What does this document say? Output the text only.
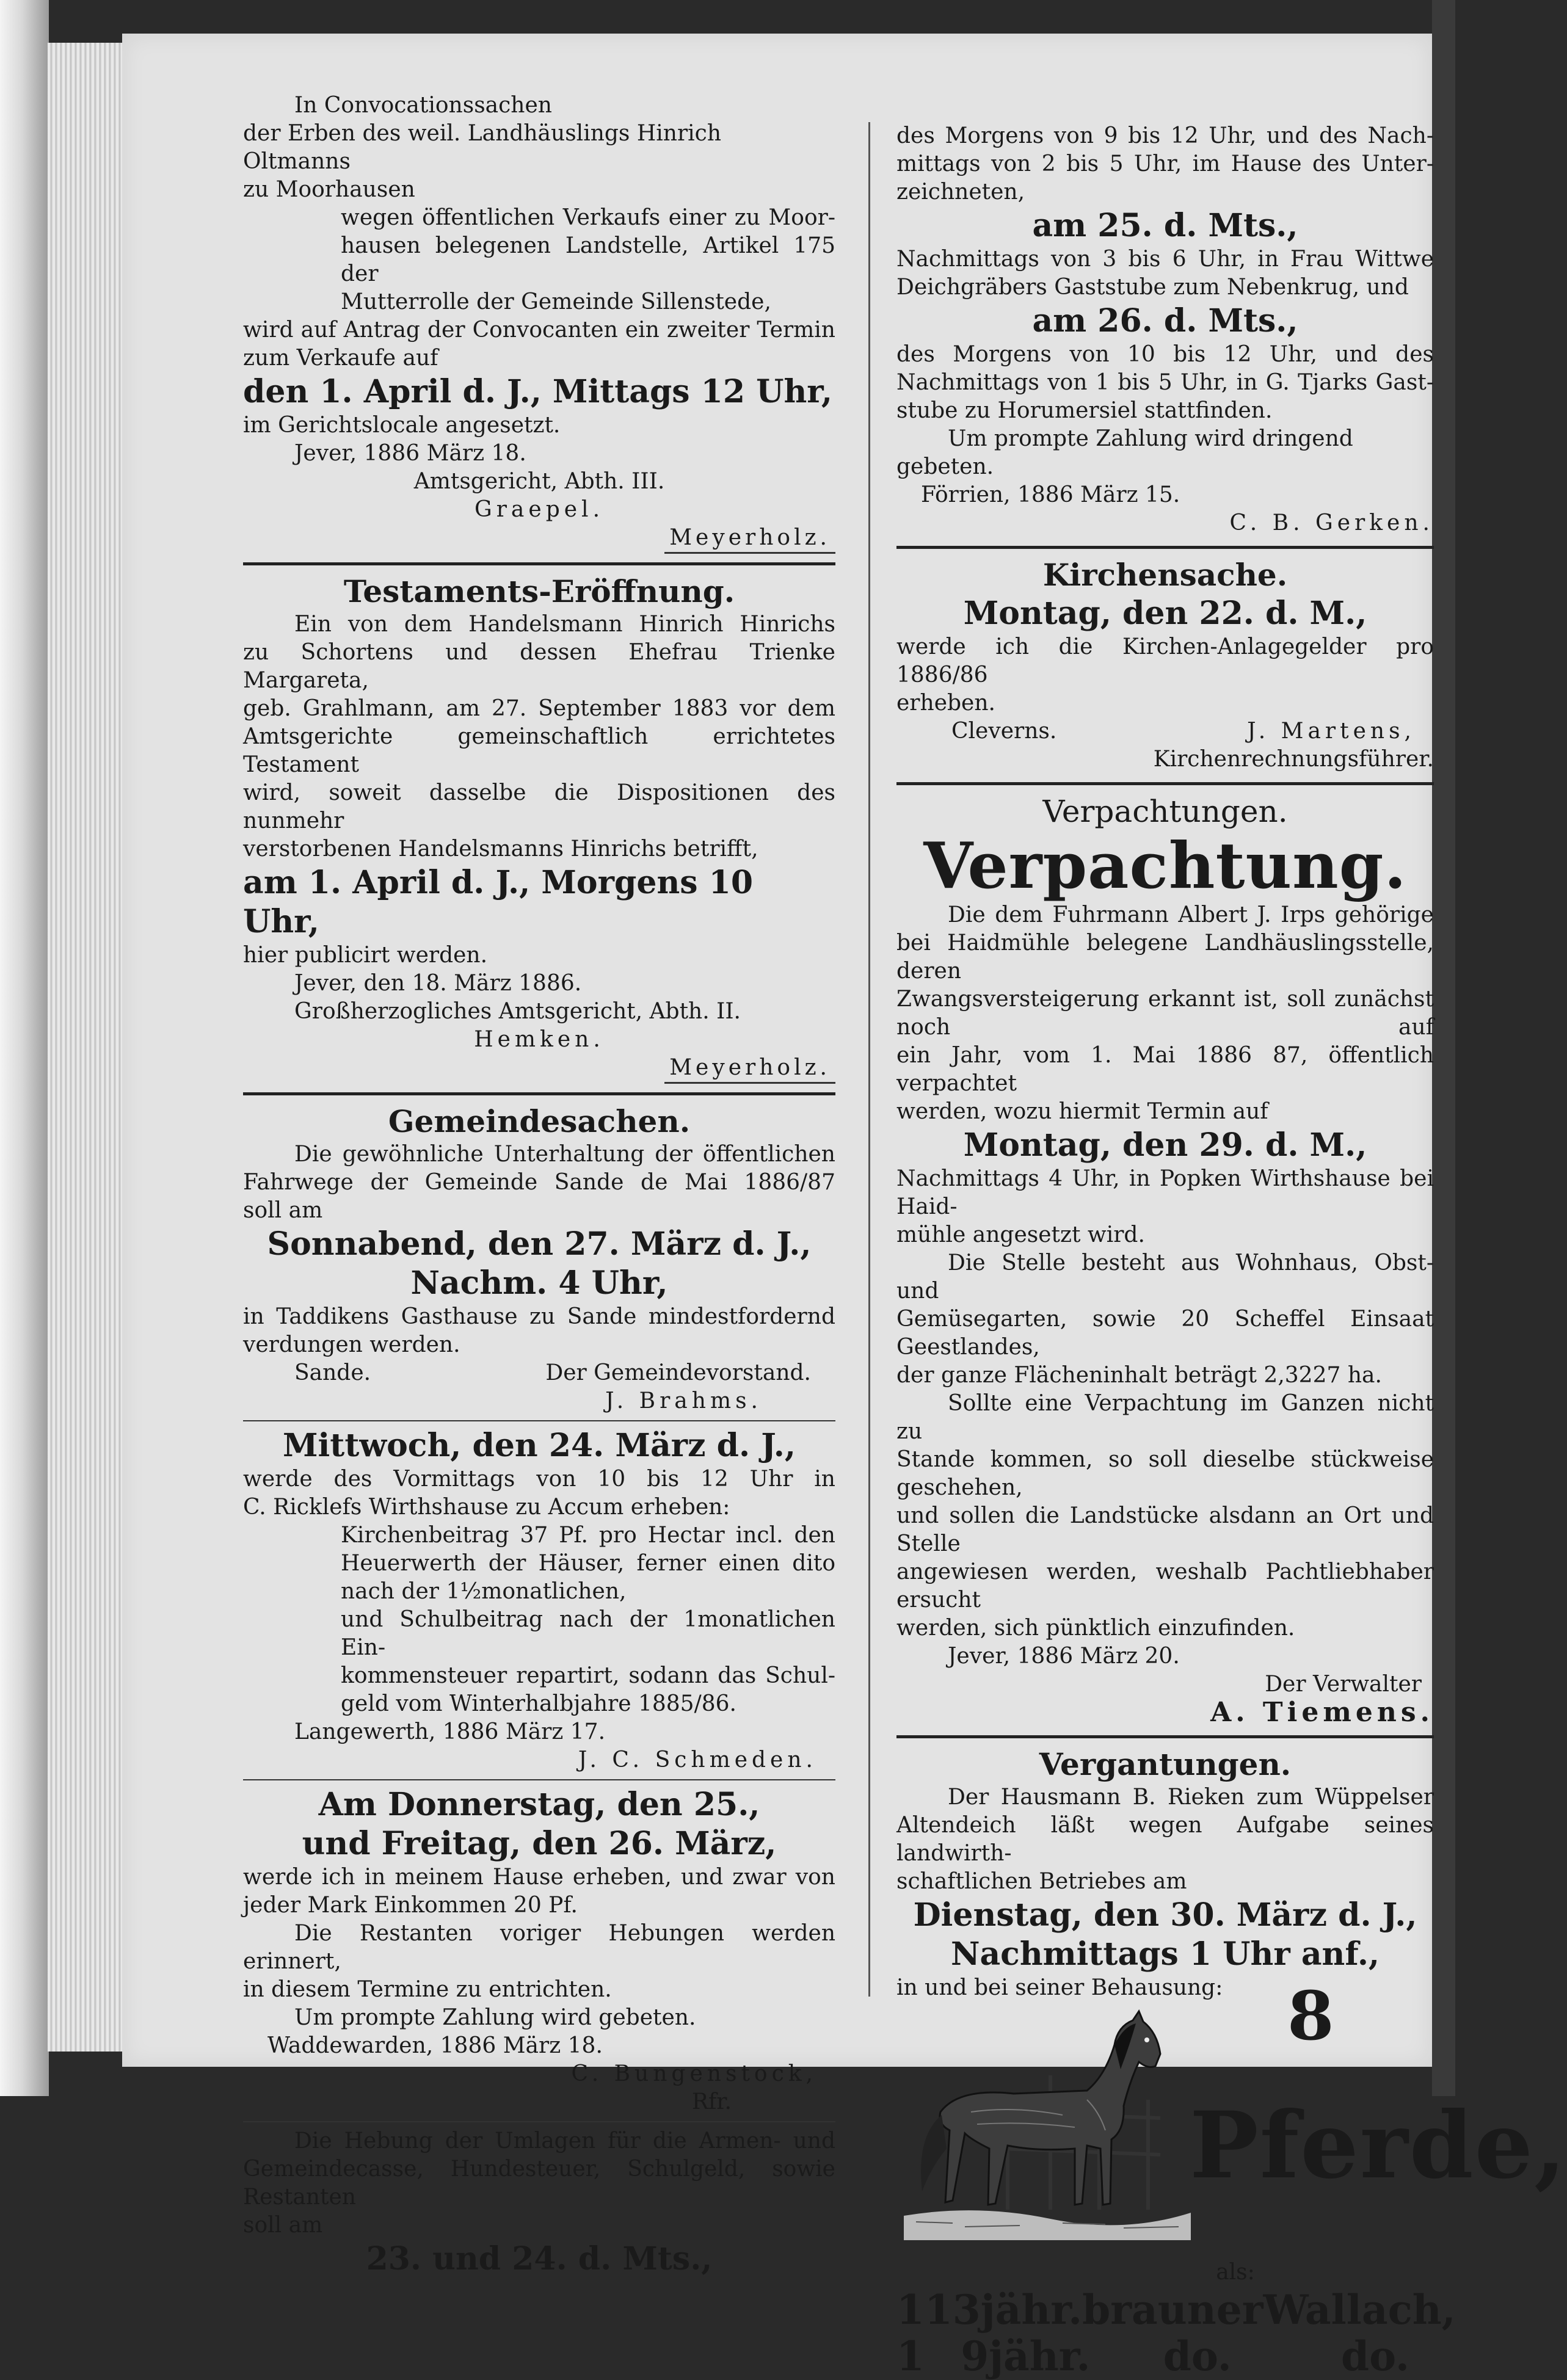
In Convocationssachen

der Erben des weil. Landhäuslings Hinrich Oltmanns

zu Moorhausen

wegen öffentlichen Verkaufs einer zu Moor-

hausen belegenen Landstelle, Artikel 175 der

Mutterrolle der Gemeinde Sillenstede,

wird auf Antrag der Convocanten ein zweiter Termin

zum Verkaufe auf

den 1. April d. J., Mittags 12 Uhr,

im Gerichtslocale angesetzt.

Jever, 1886 März 18.

Amtsgericht, Abth. III.

Graepel.

Meyerholz.

Testaments-Eröffnung.

Ein von dem Handelsmann Hinrich Hinrichs

zu Schortens und dessen Ehefrau Trienke Margareta,

geb. Grahlmann, am 27. September 1883 vor dem

Amtsgerichte gemeinschaftlich errichtetes Testament

wird, soweit dasselbe die Dispositionen des nunmehr

verstorbenen Handelsmanns Hinrichs betrifft,

am 1. April d. J., Morgens 10 Uhr,

hier publicirt werden.

Jever, den 18. März 1886.

Großherzogliches Amtsgericht, Abth. II.

Hemken.

Meyerholz.

Gemeindesachen.

Die gewöhnliche Unterhaltung der öffentlichen

Fahrwege der Gemeinde Sande de Mai 1886/87

soll am

Sonnabend, den 27. März d. J.,

Nachm. 4 Uhr,

in Taddikens Gasthause zu Sande mindestfordernd

verdungen werden.

Sande.	Der Gemeindevorstand.

J. Brahms.

Mittwoch, den 24. März d. J.,

werde des Vormittags von 10 bis 12 Uhr in

C. Ricklefs Wirthshause zu Accum erheben:

Kirchenbeitrag 37 Pf. pro Hectar incl. den

Heuerwerth der Häuser, ferner einen dito

nach der 1½monatlichen,

und Schulbeitrag nach der 1monatlichen Ein-

kommensteuer repartirt, sodann das Schul-

geld vom Winterhalbjahre 1885/86.

Langewerth, 1886 März 17.

J. C. Schmeden.

Am Donnerstag, den 25.,

und Freitag, den 26. März,

werde ich in meinem Hause erheben, und zwar von

jeder Mark Einkommen 20 Pf.

Die Restanten voriger Hebungen werden erinnert,

in diesem Termine zu entrichten.

Um prompte Zahlung wird gebeten.

Waddewarden, 1886 März 18.

C. Bungenstock,

Rfr.

Die Hebung der Umlagen für die Armen- und

Gemeindecasse, Hundesteuer, Schulgeld, sowie Restanten

soll am

23. und 24. d. Mts.,

des Morgens von 9 bis 12 Uhr, und des Nach-

mittags von 2 bis 5 Uhr, im Hause des Unter-

zeichneten,

am 25. d. Mts.,

Nachmittags von 3 bis 6 Uhr, in Frau Wittwe

Deichgräbers Gaststube zum Nebenkrug, und

am 26. d. Mts.,

des Morgens von 10 bis 12 Uhr, und des

Nachmittags von 1 bis 5 Uhr, in G. Tjarks Gast-

stube zu Horumersiel stattfinden.

Um prompte Zahlung wird dringend gebeten.

Förrien, 1886 März 15.

C. B. Gerken.

Kirchensache.

Montag, den 22. d. M.,

werde ich die Kirchen-Anlagegelder pro 1886/86

erheben.

Cleverns.	J. Martens,

Kirchenrechnungsführer.

Verpachtungen.

Verpachtung.

Die dem Fuhrmann Albert J. Irps gehörige

bei Haidmühle belegene Landhäuslingsstelle, deren

Zwangsversteigerung erkannt ist, soll zunächst noch auf

ein Jahr, vom 1. Mai 1886 87, öffentlich verpachtet

werden, wozu hiermit Termin auf

Montag, den 29. d. M.,

Nachmittags 4 Uhr, in Popken Wirthshause bei Haid-

mühle angesetzt wird.

Die Stelle besteht aus Wohnhaus, Obst- und

Gemüsegarten, sowie 20 Scheffel Einsaat Geestlandes,

der ganze Flächeninhalt beträgt 2,3227 ha.

Sollte eine Verpachtung im Ganzen nicht zu

Stande kommen, so soll dieselbe stückweise geschehen,

und sollen die Landstücke alsdann an Ort und Stelle

angewiesen werden, weshalb Pachtliebhaber ersucht

werden, sich pünktlich einzufinden.

Jever, 1886 März 20.

Der Verwalter

A. Tiemens.

Vergantungen.

Der Hausmann B. Rieken zum Wüppelser

Altendeich läßt wegen Aufgabe seines landwirth-

schaftlichen Betriebes am

Dienstag, den 30. März d. J.,

Nachmittags 1 Uhr anf.,

in und bei seiner Behausung: 8
Pferde,

als:

1 13jähr. brauner Wallach,
1 9jähr. do.	do.
